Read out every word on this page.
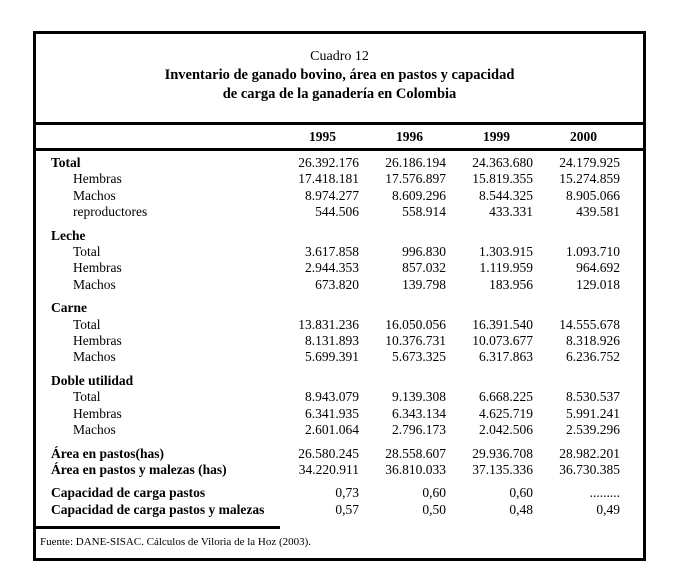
Cuadro 12
Inventario de ganado bovino, área en pastos y capacidad
de carga de la ganadería en Colombia
1995	1996	1999	2000
Total	26.392.176	26.186.194	24.363.680	24.179.925
Hembras	17.418.181	17.576.897	15.819.355	15.274.859
Machos	8.974.277	8.609.296	8.544.325	8.905.066
reproductores	544.506	558.914	433.331	439.581
Leche				
Total	3.617.858	996.830	1.303.915	1.093.710
Hembras	2.944.353	857.032	1.119.959	964.692
Machos	673.820	139.798	183.956	129.018
Carne				
Total	13.831.236	16.050.056	16.391.540	14.555.678
Hembras	8.131.893	10.376.731	10.073.677	8.318.926
Machos	5.699.391	5.673.325	6.317.863	6.236.752
Doble utilidad				
Total	8.943.079	9.139.308	6.668.225	8.530.537
Hembras	6.341.935	6.343.134	4.625.719	5.991.241
Machos	2.601.064	2.796.173	2.042.506	2.539.296
Área en pastos(has)	26.580.245	28.558.607	29.936.708	28.982.201
Área en pastos y malezas (has)	34.220.911	36.810.033	37.135.336	36.730.385
Capacidad de carga pastos	0,73	0,60	0,60	.........
Capacidad de carga pastos y malezas	0,57	0,50	0,48	0,49
Fuente: DANE-SISAC. Cálculos de Viloria de la Hoz (2003).
